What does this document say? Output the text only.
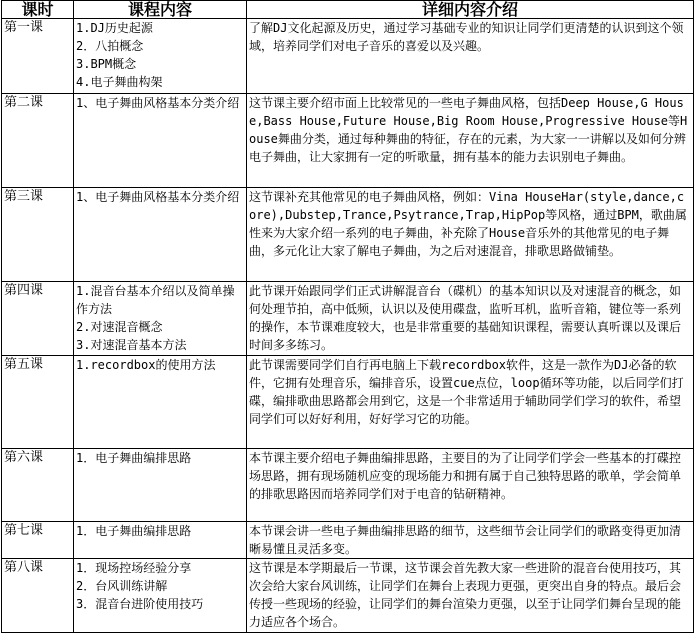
课时	课程内容	详细内容介绍
第一课	1.DJ历史起源
2．八拍概念
3.BPM概念
4.电子舞曲构架	了解DJ文化起源及历史，通过学习基础专业的知识让同学们更清楚的认识到这个领域，培养同学们对电子音乐的喜爱以及兴趣。
第二课	1、电子舞曲风格基本分类介绍	这节课主要介绍市面上比较常见的一些电子舞曲风格，包括Deep House,G House,Bass House,Future House,Big Room House,Progressive House等House舞曲分类，通过每种舞曲的特征，存在的元素，为大家一一讲解以及如何分辨电子舞曲，让大家拥有一定的听歌量，拥有基本的能力去识别电子舞曲。
第三课	1、电子舞曲风格基本分类介绍	这节课补充其他常见的电子舞曲风格，例如：Vina HouseHar(style,dance,core),Dubstep,Trance,Psytrance,Trap,HipPop等风格，通过BPM，歌曲属性来为大家介绍一系列的电子舞曲，补充除了House音乐外的其他常见的电子舞曲，多元化让大家了解电子舞曲，为之后对速混音，排歌思路做铺垫。
第四课	1.混音台基本介绍以及简单操作方法
2.对速混音概念
3.对速混音基本方法	此节课开始跟同学们正式讲解混音台（碟机）的基本知识以及对速混音的概念，如何处理节拍，高中低频，认识以及使用碟盘，监听耳机，监听音箱，键位等一系列的操作，本节课难度较大，也是非常重要的基础知识课程，需要认真听课以及课后时间多多练习。
第五课	1.recordbox的使用方法	此节课需要同学们自行再电脑上下载recordbox软件，这是一款作为DJ必备的软件，它拥有处理音乐，编排音乐，设置cue点位，loop循环等功能，以后同学们打碟，编排歌曲思路都会用到它，这是一个非常适用于辅助同学们学习的软件，希望同学们可以好好利用，好好学习它的功能。
第六课	1．电子舞曲编排思路	本节课主要介绍电子舞曲编排思路，主要目的为了让同学们学会一些基本的打碟控场思路，拥有现场随机应变的现场能力和拥有属于自己独特思路的歌单，学会简单的排歌思路因而培养同学们对于电音的钻研精神。
第七课	1．电子舞曲编排思路	本节课会讲一些电子舞曲编排思路的细节，这些细节会让同学们的歌路变得更加清晰易懂且灵活多变。
第八课	1．现场控场经验分享
2．台风训练讲解
3．混音台进阶使用技巧	这节课是本学期最后一节课，这节课会首先教大家一些进阶的混音台使用技巧，其次会给大家台风训练，让同学们在舞台上表现力更强，更突出自身的特点。最后会传授一些现场的经验，让同学们的舞台渲染力更强，以至于让同学们舞台呈现的能力适应各个场合。
